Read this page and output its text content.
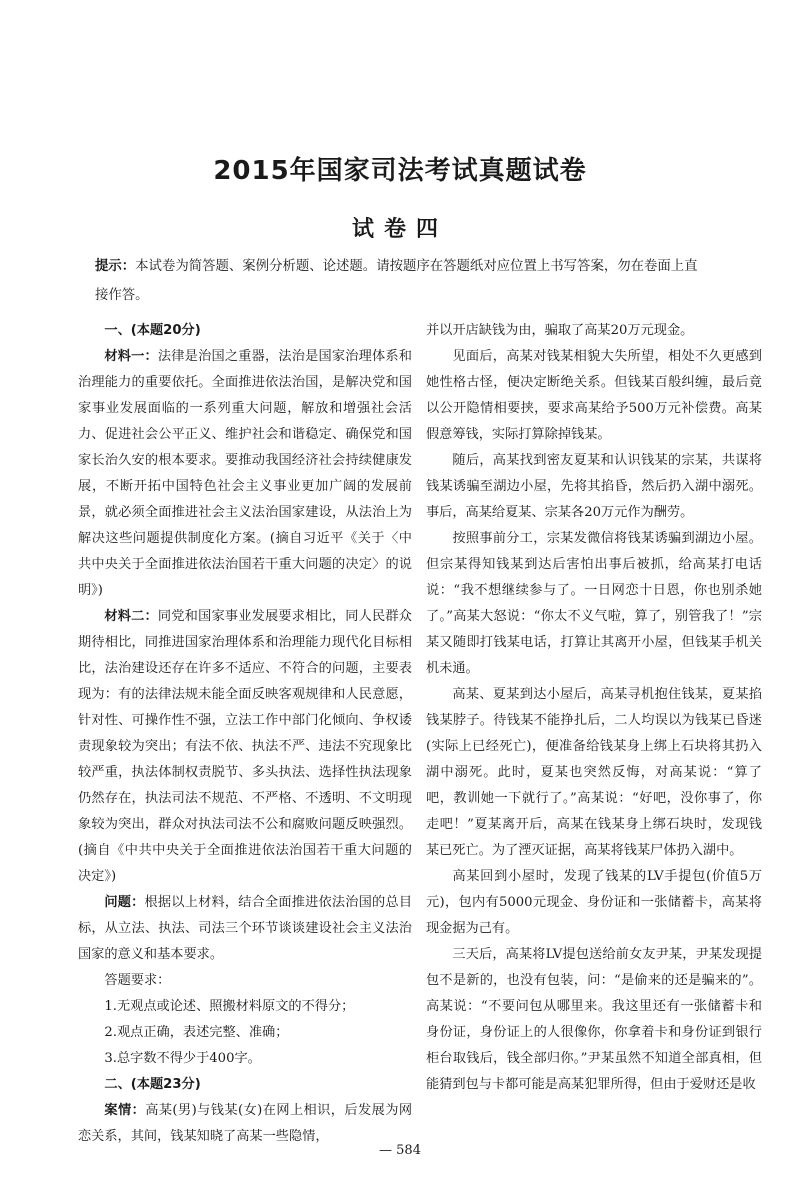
2015年国家司法考试真题试卷
试卷四
提示：本试卷为简答题、案例分析题、论述题。请按题序在答题纸对应位置上书写答案，勿在卷面上直接作答。

一、(本题20分)

材料一：法律是治国之重器，法治是国家治理体系和治理能力的重要依托。全面推进依法治国，是解决党和国家事业发展面临的一系列重大问题，解放和增强社会活力、促进社会公平正义、维护社会和谐稳定、确保党和国家长治久安的根本要求。要推动我国经济社会持续健康发展，不断开拓中国特色社会主义事业更加广阔的发展前景，就必须全面推进社会主义法治国家建设，从法治上为解决这些问题提供制度化方案。(摘自习近平《关于〈中共中央关于全面推进依法治国若干重大问题的决定〉的说明》)

材料二：同党和国家事业发展要求相比，同人民群众期待相比，同推进国家治理体系和治理能力现代化目标相比，法治建设还存在许多不适应、不符合的问题，主要表现为：有的法律法规未能全面反映客观规律和人民意愿，针对性、可操作性不强，立法工作中部门化倾向、争权诿责现象较为突出；有法不依、执法不严、违法不究现象比较严重，执法体制权责脱节、多头执法、选择性执法现象仍然存在，执法司法不规范、不严格、不透明、不文明现象较为突出，群众对执法司法不公和腐败问题反映强烈。(摘自《中共中央关于全面推进依法治国若干重大问题的决定》)

问题：根据以上材料，结合全面推进依法治国的总目标，从立法、执法、司法三个环节谈谈建设社会主义法治国家的意义和基本要求。

答题要求：

1.无观点或论述、照搬材料原文的不得分；

2.观点正确，表述完整、准确；

3.总字数不得少于400字。

二、(本题23分)

案情：高某(男)与钱某(女)在网上相识，后发展为网恋关系，其间，钱某知晓了高某一些隐情，

并以开店缺钱为由，骗取了高某20万元现金。

见面后，高某对钱某相貌大失所望，相处不久更感到她性格古怪，便决定断绝关系。但钱某百般纠缠，最后竟以公开隐情相要挟，要求高某给予500万元补偿费。高某假意筹钱，实际打算除掉钱某。

随后，高某找到密友夏某和认识钱某的宗某，共谋将钱某诱骗至湖边小屋，先将其掐昏，然后扔入湖中溺死。事后，高某给夏某、宗某各20万元作为酬劳。

按照事前分工，宗某发微信将钱某诱骗到湖边小屋。但宗某得知钱某到达后害怕出事后被抓，给高某打电话说：“我不想继续参与了。一日网恋十日恩，你也别杀她了。”高某大怒说：“你太不义气啦，算了，别管我了！”宗某又随即打钱某电话，打算让其离开小屋，但钱某手机关机未通。

高某、夏某到达小屋后，高某寻机抱住钱某，夏某掐钱某脖子。待钱某不能挣扎后，二人均误以为钱某已昏迷(实际上已经死亡)，便准备给钱某身上绑上石块将其扔入湖中溺死。此时，夏某也突然反悔，对高某说：“算了吧，教训她一下就行了。”高某说：“好吧，没你事了，你走吧！”夏某离开后，高某在钱某身上绑石块时，发现钱某已死亡。为了湮灭证据，高某将钱某尸体扔入湖中。

高某回到小屋时，发现了钱某的LV手提包(价值5万元)，包内有5000元现金、身份证和一张储蓄卡，高某将现金据为己有。

三天后，高某将LV提包送给前女友尹某，尹某发现提包不是新的，也没有包装，问：“是偷来的还是骗来的”。高某说：“不要问包从哪里来。我这里还有一张储蓄卡和身份证，身份证上的人很像你，你拿着卡和身份证到银行柜台取钱后，钱全部归你。”尹某虽然不知道全部真相，但能猜到包与卡都可能是高某犯罪所得，但由于爱财还是收

— 584
